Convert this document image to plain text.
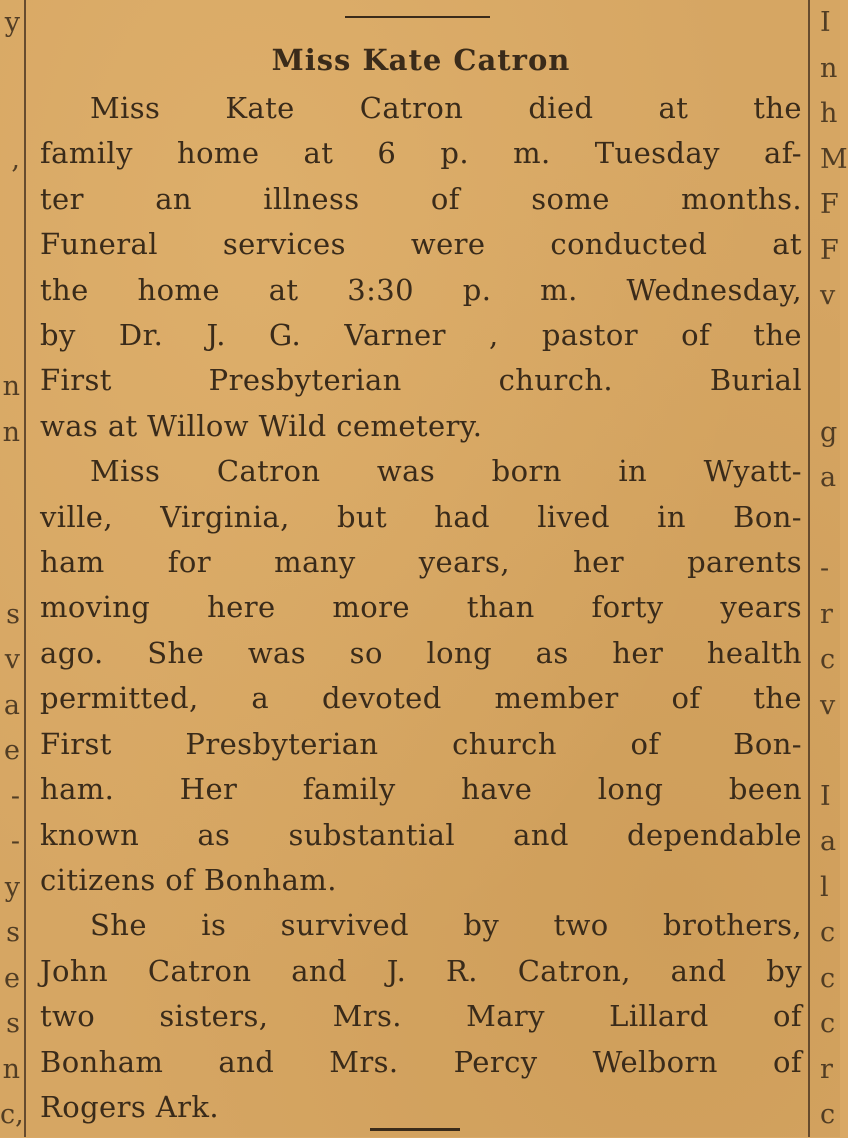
y
,
n
n
s
v
a
e
-
-
y
s
e
s
n
c,
I
n
h
M
F
F
v
g
a
-
r
c
v
I
a
l
c
c
c
r
c
Miss Kate Catron

Miss Kate Catron died at the
family home at 6 p. m. Tuesday af-
ter an illness of some months.
Funeral services were conducted at
the home at 3:30 p. m. Wednesday,
by Dr. J. G. Varner , pastor of the
First Presbyterian church. Burial
was at Willow Wild cemetery.

Miss Catron was born in Wyatt-
ville, Virginia, but had lived in Bon-
ham for many years, her parents
moving here more than forty years
ago. She was so long as her health
permitted, a devoted member of the
First Presbyterian church of Bon-
ham. Her family have long been
known as substantial and dependable
citizens of Bonham.

She is survived by two brothers,
John Catron and J. R. Catron, and by
two sisters, Mrs. Mary Lillard of
Bonham and Mrs. Percy Welborn of
Rogers Ark.
